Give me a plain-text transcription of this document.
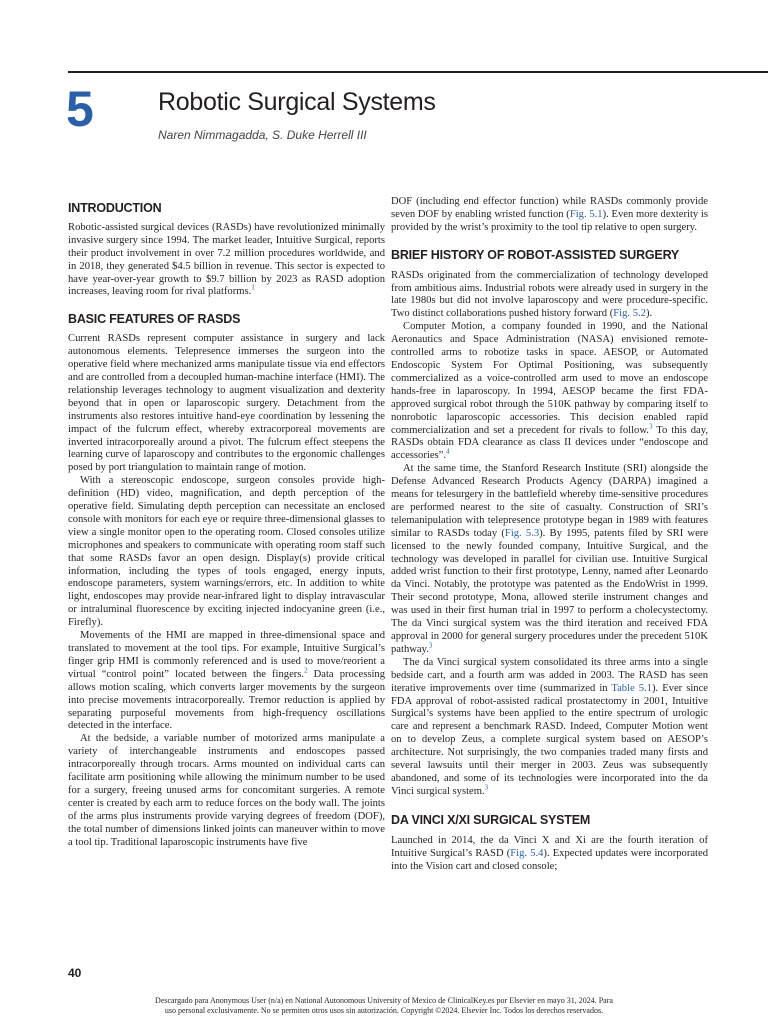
5	Robotic Surgical Systems
Naren Nimmagadda, S. Duke Herrell III
INTRODUCTION

Robotic-assisted surgical devices (RASDs) have revolutionized minimally invasive surgery since 1994. The market leader, Intuitive Surgical, reports their product involvement in over 7.2 million procedures worldwide, and in 2018, they generated $4.5 billion in revenue. This sector is expected to have year-over-year growth to $9.7 billion by 2023 as RASD adoption increases, leaving room for rival platforms.$^1$

BASIC FEATURES OF RASDS

Current RASDs represent computer assistance in surgery and lack autonomous elements. Telepresence immerses the surgeon into the operative field where mechanized arms manipulate tissue via end effectors and are controlled from a decoupled human-machine interface (HMI). The relationship leverages technology to augment visualization and dexterity beyond that in open or laparoscopic surgery. Detachment from the instruments also restores intuitive hand-eye coordination by lessening the impact of the fulcrum effect, whereby extracorporeal movements are inverted intracorporeally around a pivot. The fulcrum effect steepens the learning curve of laparoscopy and contributes to the ergonomic challenges posed by port triangulation to maintain range of motion.

With a stereoscopic endoscope, surgeon consoles provide high-definition (HD) video, magnification, and depth perception of the operative field. Simulating depth perception can necessitate an enclosed console with monitors for each eye or require three-dimensional glasses to view a single monitor open to the operating room. Closed consoles utilize microphones and speakers to communicate with operating room staff such that some RASDs favor an open design. Display(s) provide critical information, including the types of tools engaged, energy inputs, endoscope parameters, system warnings/errors, etc. In addition to white light, endoscopes may provide near-infrared light to display intravascular or intraluminal fluorescence by exciting injected indocyanine green (i.e., Firefly).

Movements of the HMI are mapped in three-dimensional space and translated to movement at the tool tips. For example, Intuitive Surgical’s finger grip HMI is commonly referenced and is used to move/reorient a virtual “control point” located between the fingers.$^2$ Data processing allows motion scaling, which converts larger movements by the surgeon into precise movements intracorporeally. Tremor reduction is applied by separating purposeful movements from high-frequency oscillations detected in the interface.

At the bedside, a variable number of motorized arms manipulate a variety of interchangeable instruments and endoscopes passed intracorporeally through trocars. Arms mounted on individual carts can facilitate arm positioning while allowing the minimum number to be used for a surgery, freeing unused arms for concomitant surgeries. A remote center is created by each arm to reduce forces on the body wall. The joints of the arms plus instruments provide varying degrees of freedom (DOF), the total number of dimensions linked joints can maneuver within to move a tool tip. Traditional laparoscopic instruments have five

DOF (including end effector function) while RASDs commonly provide seven DOF by enabling wristed function (Fig. 5.1). Even more dexterity is provided by the wrist’s proximity to the tool tip relative to open surgery.

BRIEF HISTORY OF ROBOT-ASSISTED SURGERY

RASDs originated from the commercialization of technology developed from ambitious aims. Industrial robots were already used in surgery in the late 1980s but did not involve laparoscopy and were procedure-specific. Two distinct collaborations pushed history forward (Fig. 5.2).

Computer Motion, a company founded in 1990, and the National Aeronautics and Space Administration (NASA) envisioned remote-controlled arms to robotize tasks in space. AESOP, or Automated Endoscopic System For Optimal Positioning, was subsequently commercialized as a voice-controlled arm used to move an endoscope hands-free in laparoscopy. In 1994, AESOP became the first FDA-approved surgical robot through the 510K pathway by comparing itself to nonrobotic laparoscopic accessories. This decision enabled rapid commercialization and set a precedent for rivals to follow.$^3$ To this day, RASDs obtain FDA clearance as class II devices under “endoscope and accessories”.$^4$

At the same time, the Stanford Research Institute (SRI) alongside the Defense Advanced Research Products Agency (DARPA) imagined a means for telesurgery in the battlefield whereby time-sensitive procedures are performed nearest to the site of casualty. Construction of SRI’s telemanipulation with telepresence prototype began in 1989 with features similar to RASDs today (Fig. 5.3). By 1995, patents filed by SRI were licensed to the newly founded company, Intuitive Surgical, and the technology was developed in parallel for civilian use. Intuitive Surgical added wrist function to their first prototype, Lenny, named after Leonardo da Vinci. Notably, the prototype was patented as the EndoWrist in 1999. Their second prototype, Mona, allowed sterile instrument changes and was used in their first human trial in 1997 to perform a cholecystectomy. The da Vinci surgical system was the third iteration and received FDA approval in 2000 for general surgery procedures under the precedent 510K pathway.$^3$

The da Vinci surgical system consolidated its three arms into a single bedside cart, and a fourth arm was added in 2003. The RASD has seen iterative improvements over time (summarized in Table 5.1). Ever since FDA approval of robot-assisted radical prostatectomy in 2001, Intuitive Surgical’s systems have been applied to the entire spectrum of urologic care and represent a benchmark RASD. Indeed, Computer Motion went on to develop Zeus, a complete surgical system based on AESOP’s architecture. Not surprisingly, the two companies traded many firsts and several lawsuits until their merger in 2003. Zeus was subsequently abandoned, and some of its technologies were incorporated into the da Vinci surgical system.$^3$

DA VINCI X/XI SURGICAL SYSTEM

Launched in 2014, the da Vinci X and Xi are the fourth iteration of Intuitive Surgical’s RASD (Fig. 5.4). Expected updates were incorporated into the Vision cart and closed console;

40
Descargado para Anonymous User (n/a) en National Autonomous University of Mexico de ClinicalKey.es por Elsevier en mayo 31, 2024. Para
uso personal exclusivamente. No se permiten otros usos sin autorización. Copyright ©2024. Elsevier Inc. Todos los derechos reservados.
